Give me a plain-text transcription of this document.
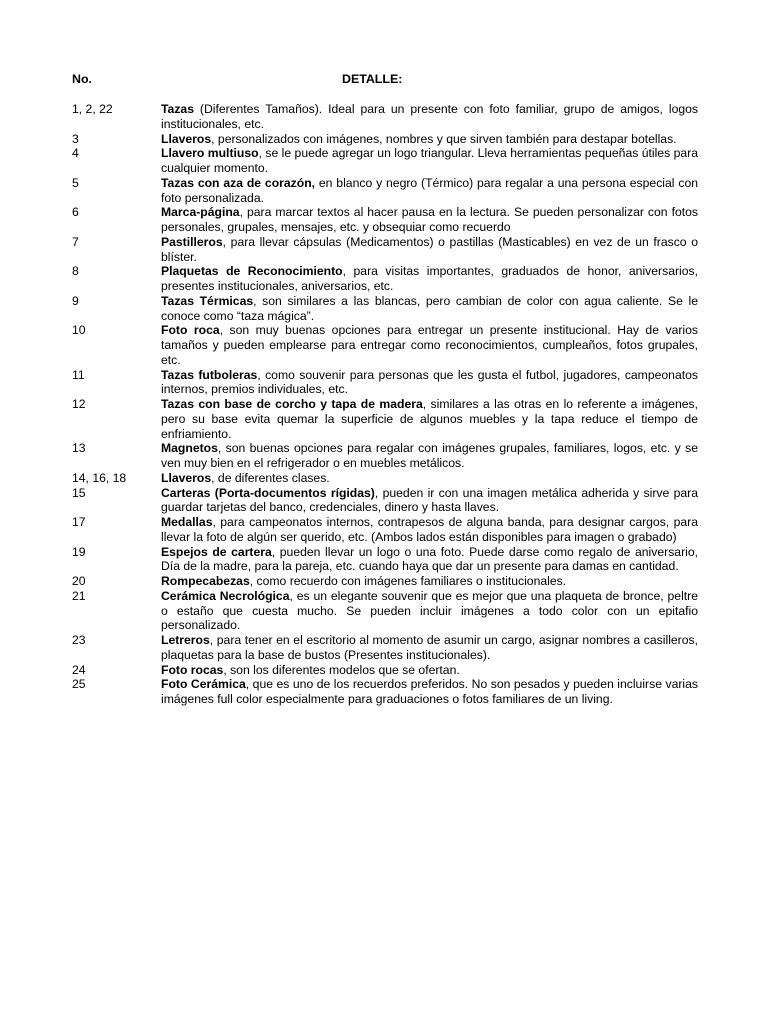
No.	DETALLE:
1, 2, 22	Tazas (Diferentes Tamaños). Ideal para un presente con foto familiar, grupo de amigos, logos institucionales, etc.
3	Llaveros, personalizados con imágenes, nombres y que sirven también para destapar botellas.
4	Llavero multiuso, se le puede agregar un logo triangular. Lleva herramientas pequeñas útiles para cualquier momento.
5	Tazas con aza de corazón, en blanco y negro (Térmico) para regalar a una persona especial con foto personalizada.
6	Marca-página, para marcar textos al hacer pausa en la lectura. Se pueden personalizar con fotos personales, grupales, mensajes, etc. y obsequiar como recuerdo
7	Pastilleros, para llevar cápsulas (Medicamentos) o pastillas (Masticables) en vez de un frasco o blíster.
8	Plaquetas de Reconocimiento, para visitas importantes, graduados de honor, aniversarios, presentes institucionales, aniversarios, etc.
9	Tazas Térmicas, son similares a las blancas, pero cambian de color con agua caliente. Se le conoce como “taza mágica”.
10	Foto roca, son muy buenas opciones para entregar un presente institucional. Hay de varios tamaños y pueden emplearse para entregar como reconocimientos, cumpleaños, fotos grupales, etc.
11	Tazas futboleras, como souvenir para personas que les gusta el futbol, jugadores, campeonatos internos, premios individuales, etc.
12	Tazas con base de corcho y tapa de madera, similares a las otras en lo referente a imágenes, pero su base evita quemar la superficie de algunos muebles y la tapa reduce el tiempo de enfriamiento.
13	Magnetos, son buenas opciones para regalar con imágenes grupales, familiares, logos, etc. y se ven muy bien en el refrigerador o en muebles metálicos.
14, 16, 18	Llaveros, de diferentes clases.
15	Carteras (Porta-documentos rígidas), pueden ir con una imagen metálica adherida y sirve para guardar tarjetas del banco, credenciales, dinero y hasta llaves.
17	Medallas, para campeonatos internos, contrapesos de alguna banda, para designar cargos, para llevar la foto de algún ser querido, etc. (Ambos lados están disponibles para imagen o grabado)
19	Espejos de cartera, pueden llevar un logo o una foto. Puede darse como regalo de aniversario, Día de la madre, para la pareja, etc. cuando haya que dar un presente para damas en cantidad.
20	Rompecabezas, como recuerdo con imágenes familiares o institucionales.
21	Cerámica Necrológica, es un elegante souvenir que es mejor que una plaqueta de bronce, peltre o estaño que cuesta mucho. Se pueden incluir imágenes a todo color con un epitafio personalizado.
23	Letreros, para tener en el escritorio al momento de asumir un cargo, asignar nombres a casilleros, plaquetas para la base de bustos (Presentes institucionales).
24	Foto rocas, son los diferentes modelos que se ofertan.
25	Foto Cerámica, que es uno de los recuerdos preferidos. No son pesados y pueden incluirse varias imágenes full color especialmente para graduaciones o fotos familiares de un living.
